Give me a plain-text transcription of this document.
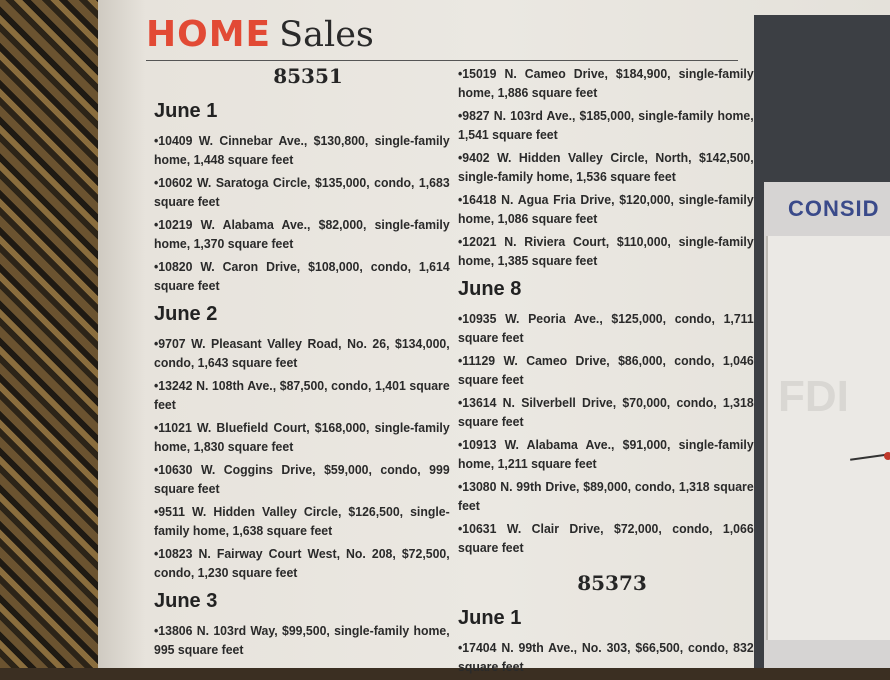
HOME Sales
85351
June 1
•10409 W. Cinnebar Ave., $130,800, single-family home, 1,448 square feet
•10602 W. Saratoga Circle, $135,000, condo, 1,683 square feet
•10219 W. Alabama Ave., $82,000, single-family home, 1,370 square feet
•10820 W. Caron Drive, $108,000, condo, 1,614 square feet
June 2
•9707 W. Pleasant Valley Road, No. 26, $134,000, condo, 1,643 square feet
•13242 N. 108th Ave., $87,500, condo, 1,401 square feet
•11021 W. Bluefield Court, $168,000, single-family home, 1,830 square feet
•10630 W. Coggins Drive, $59,000, condo, 999 square feet
•9511 W. Hidden Valley Circle, $126,500, single-family home, 1,638 square feet
•10823 N. Fairway Court West, No. 208, $72,500, condo, 1,230 square feet
June 3
•13806 N. 103rd Way, $99,500, single-family home, 995 square feet
•15019 N. Cameo Drive, $184,900, single-family home, 1,886 square feet
•9827 N. 103rd Ave., $185,000, single-family home, 1,541 square feet
•9402 W. Hidden Valley Circle, North, $142,500, single-family home, 1,536 square feet
•16418 N. Agua Fria Drive, $120,000, single-family home, 1,086 square feet
•12021 N. Riviera Court, $110,000, single-family home, 1,385 square feet
June 8
•10935 W. Peoria Ave., $125,000, condo, 1,711 square feet
•11129 W. Cameo Drive, $86,000, condo, 1,046 square feet
•13614 N. Silverbell Drive, $70,000, condo, 1,318 square feet
•10913 W. Alabama Ave., $91,000, single-family home, 1,211 square feet
•13080 N. 99th Drive, $89,000, condo, 1,318 square feet
•10631 W. Clair Drive, $72,000, condo, 1,066 square feet
85373
June 1
•17404 N. 99th Ave., No. 303, $66,500, condo, 832 square feet
CONSID
FDI
